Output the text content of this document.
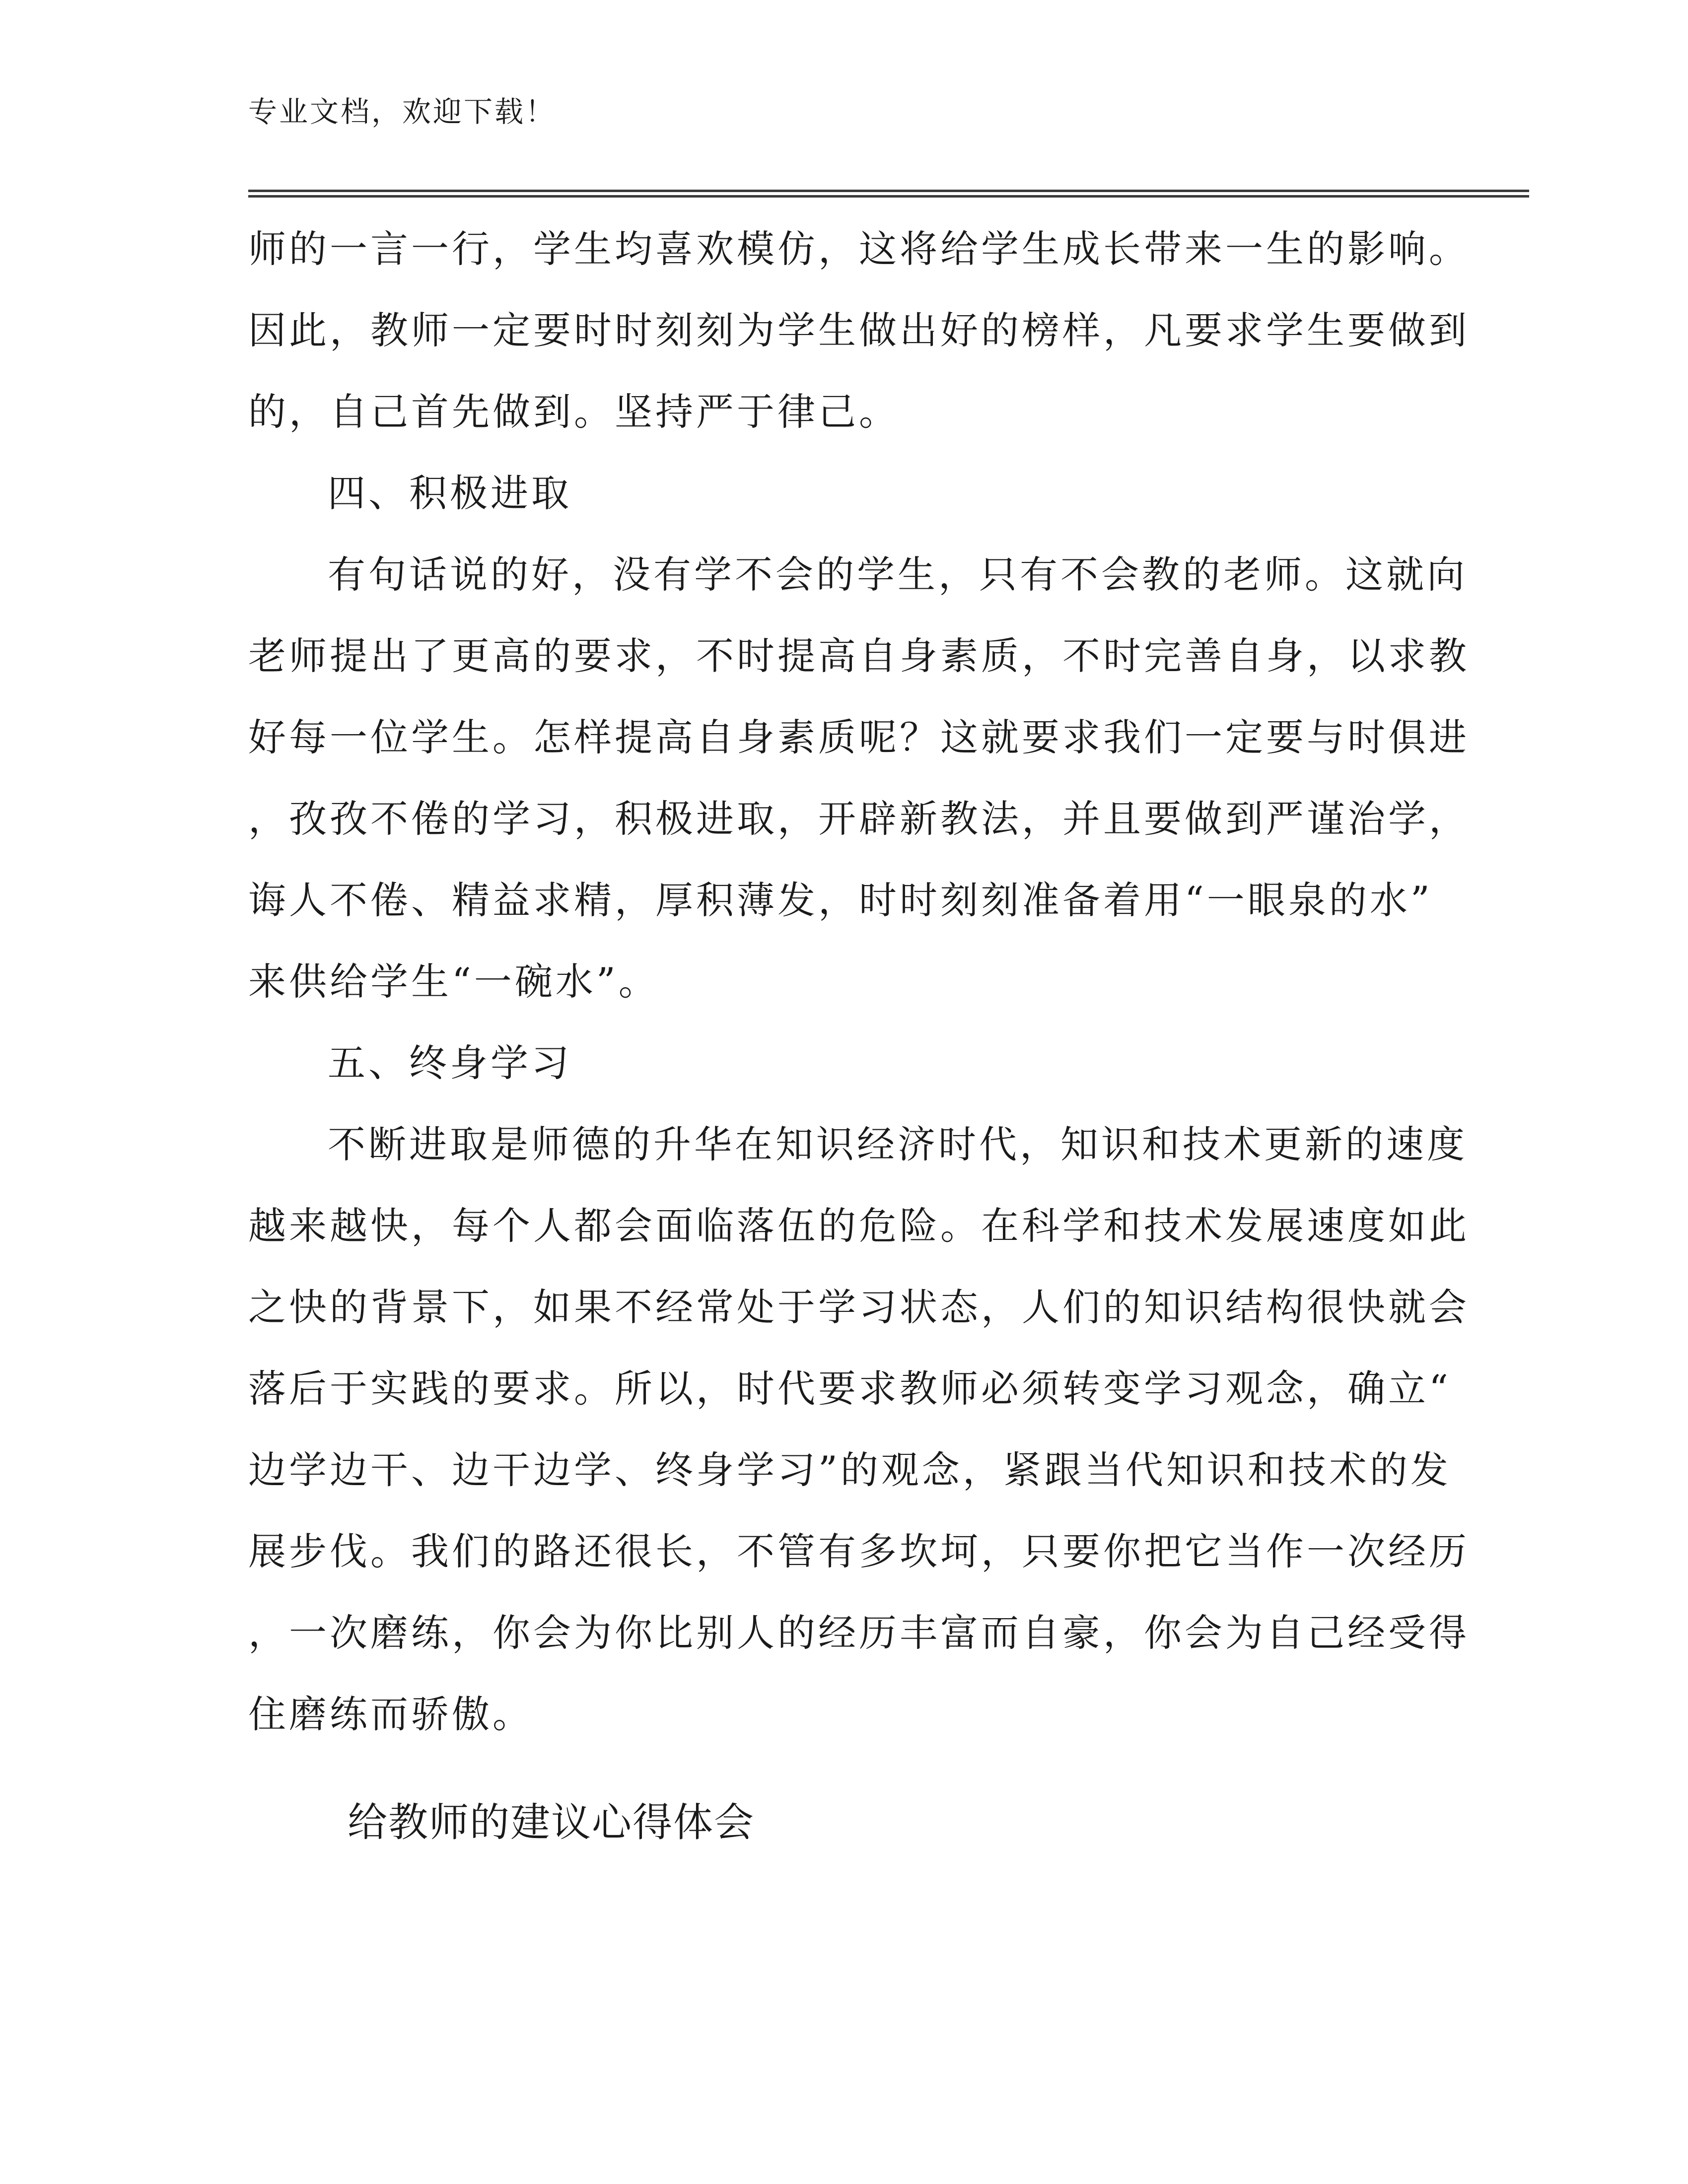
专业文档，欢迎下载！
师的一言一行，学生均喜欢模仿，这将给学生成长带来一生的影响。
因此，教师一定要时时刻刻为学生做出好的榜样，凡要求学生要做到
的，自己首先做到。坚持严于律己。
四、积极进取
有句话说的好，没有学不会的学生，只有不会教的老师。这就向
老师提出了更高的要求，不时提高自身素质，不时完善自身，以求教
好每一位学生。怎样提高自身素质呢？这就要求我们一定要与时俱进
，孜孜不倦的学习，积极进取，开辟新教法，并且要做到严谨治学，
诲人不倦、精益求精，厚积薄发，时时刻刻准备着用“一眼泉的水”
来供给学生“一碗水”。
五、终身学习
不断进取是师德的升华在知识经济时代，知识和技术更新的速度
越来越快，每个人都会面临落伍的危险。在科学和技术发展速度如此
之快的背景下，如果不经常处于学习状态，人们的知识结构很快就会
落后于实践的要求。所以，时代要求教师必须转变学习观念，确立“
边学边干、边干边学、终身学习”的观念，紧跟当代知识和技术的发
展步伐。我们的路还很长，不管有多坎坷，只要你把它当作一次经历
，一次磨练，你会为你比别人的经历丰富而自豪，你会为自己经受得
住磨练而骄傲。
给教师的建议心得体会
